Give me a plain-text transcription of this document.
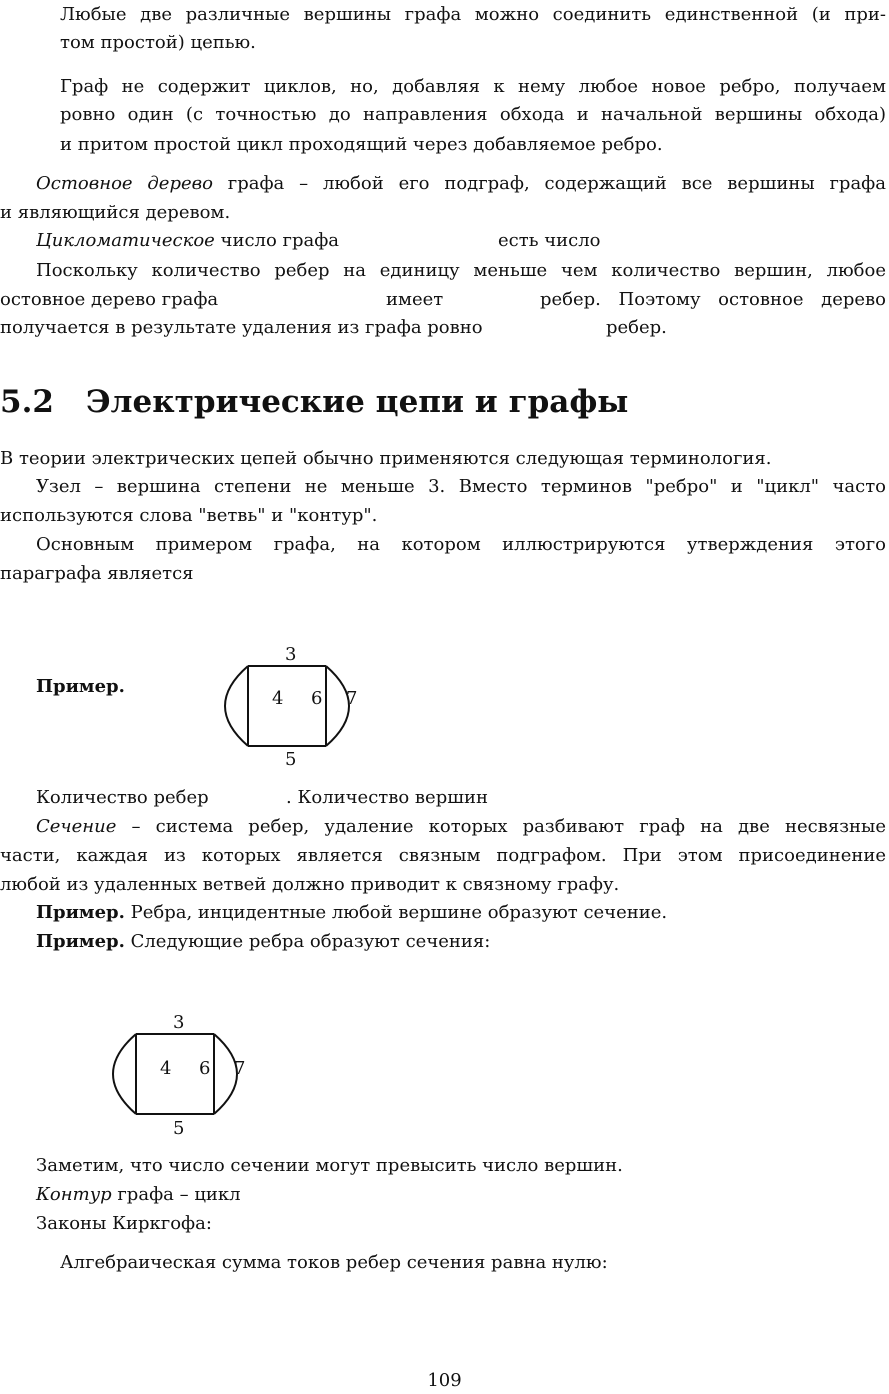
Любые две различные вершины графа можно соединить единственной (и при-
том простой) цепью.
Граф не содержит циклов, но, добавляя к нему любое новое ребро, получаем
ровно один (с точностью до направления обхода и начальной вершины обхода)
и притом простой цикл проходящий через добавляемое ребро.
Остовное дерево графа – любой его подграф, содержащий все вершины графа
и являющийся деревом.
Цикломатическое число графа	есть число
Поскольку количество ребер на единицу меньше чем количество вершин, любое
остовное дерево графа	имеет	ребер. Поэтому остовное дерево
получается в результате удаления из графа ровно	ребер.
5.2 Электрические цепи и графы
В теории электрических цепей обычно применяются следующая терминология.
Узел – вершина степени не меньше 3. Вместо терминов "ребро" и "цикл" часто
используются слова "ветвь" и "контур".
Основным примером графа, на котором иллюстрируются утверждения этого
параграфа является
Пример.
3
4 6 7
5
Количество ребер	. Количество вершин
Сечение – система ребер, удаление которых разбивают граф на две несвязные
части, каждая из которых является связным подграфом. При этом присоединение
любой из удаленных ветвей должно приводит к связному графу.
Пример. Ребра, инцидентные любой вершине образуют сечение.
Пример. Следующие ребра образуют сечения:
3
4 6 7
5
Заметим, что число сечении могут превысить число вершин.
Контур графа – цикл
Законы Киркгофа:
Алгебраическая сумма токов ребер сечения равна нулю:
109
